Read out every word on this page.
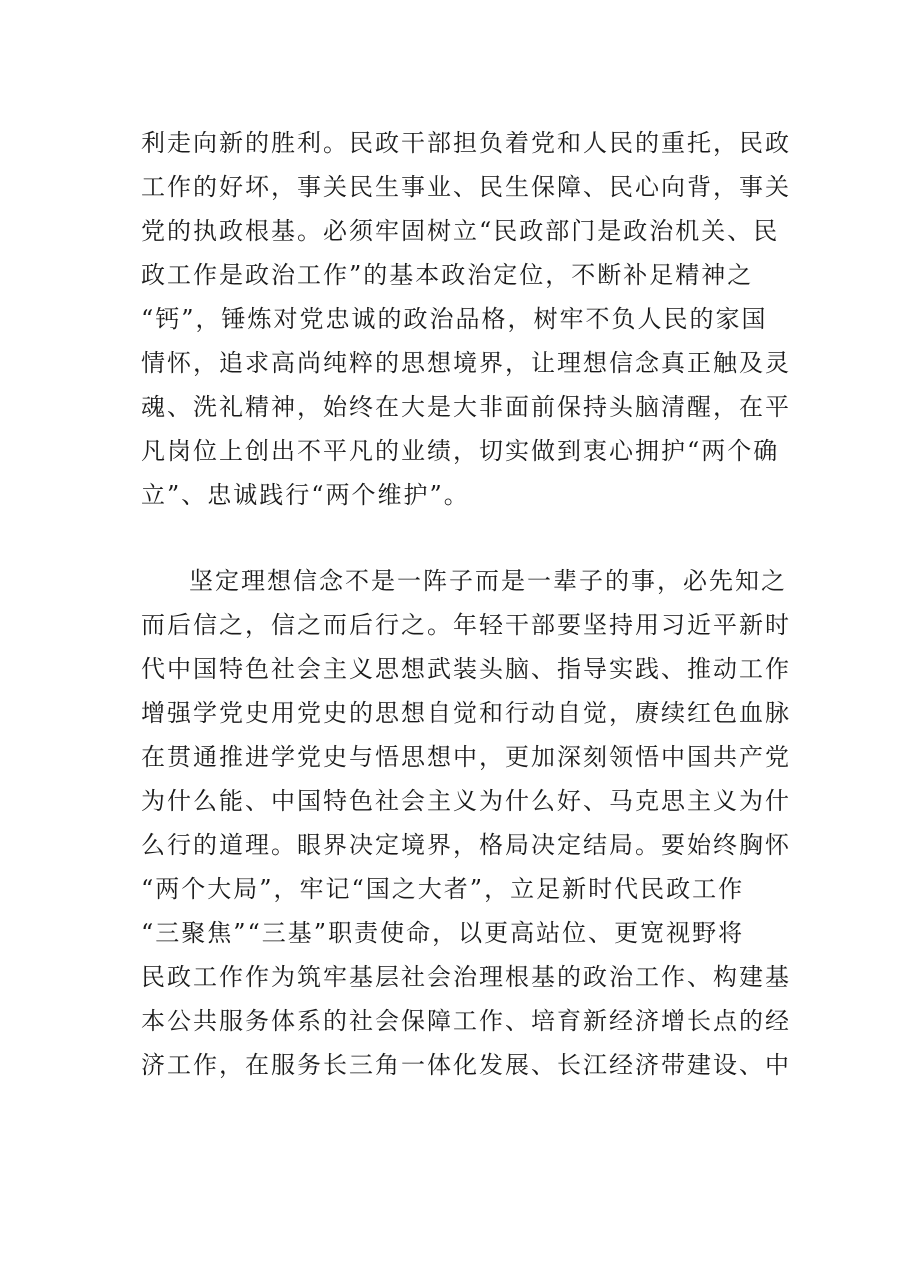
利走向新的胜利。民政干部担负着党和人民的重托，民政
工作的好坏，事关民生事业、民生保障、民心向背，事关
党的执政根基。必须牢固树立“民政部门是政治机关、民
政工作是政治工作”的基本政治定位，不断补足精神之
“钙”，锤炼对党忠诚的政治品格，树牢不负人民的家国
情怀，追求高尚纯粹的思想境界，让理想信念真正触及灵
魂、洗礼精神，始终在大是大非面前保持头脑清醒，在平
凡岗位上创出不平凡的业绩，切实做到衷心拥护“两个确
立”、忠诚践行“两个维护”。
坚定理想信念不是一阵子而是一辈子的事，必先知之
而后信之，信之而后行之。年轻干部要坚持用习近平新时
代中国特色社会主义思想武装头脑、指导实践、推动工作
增强学党史用党史的思想自觉和行动自觉，赓续红色血脉
在贯通推进学党史与悟思想中，更加深刻领悟中国共产党
为什么能、中国特色社会主义为什么好、马克思主义为什
么行的道理。眼界决定境界，格局决定结局。要始终胸怀
“两个大局”，牢记“国之大者”，立足新时代民政工作
“三聚焦”“三基”职责使命，以更高站位、更宽视野将
民政工作作为筑牢基层社会治理根基的政治工作、构建基
本公共服务体系的社会保障工作、培育新经济增长点的经
济工作，在服务长三角一体化发展、长江经济带建设、中
